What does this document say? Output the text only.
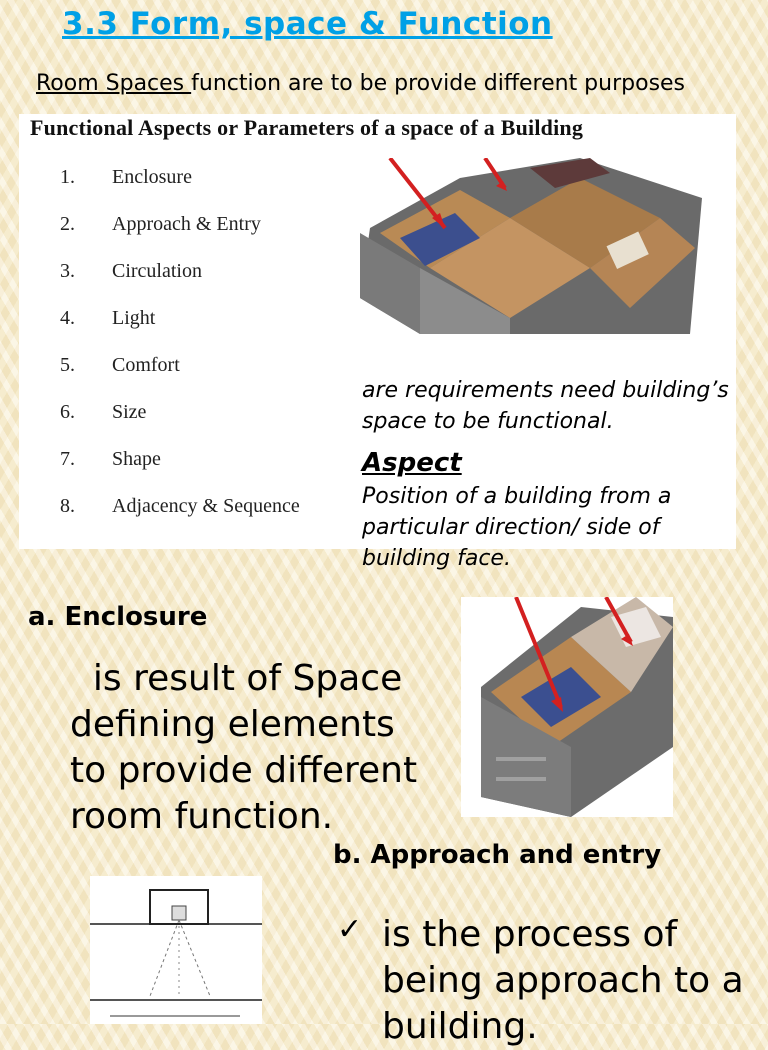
3.3 Form, space & Function
Room Spaces function are to be provide different purposes
Functional Aspects or Parameters of a space of a Building
1. Enclosure
2. Approach & Entry
3. Circulation
4. Light
5. Comfort
6. Size
7. Shape
8. Adjacency & Sequence
are requirements need building’s space to be functional.
Aspect
Position of a building from a particular direction/ side of building face.
a. Enclosure
is result of Space defining elements to provide different room function.
b. Approach and entry
✓ is the process of being approach to a building.
